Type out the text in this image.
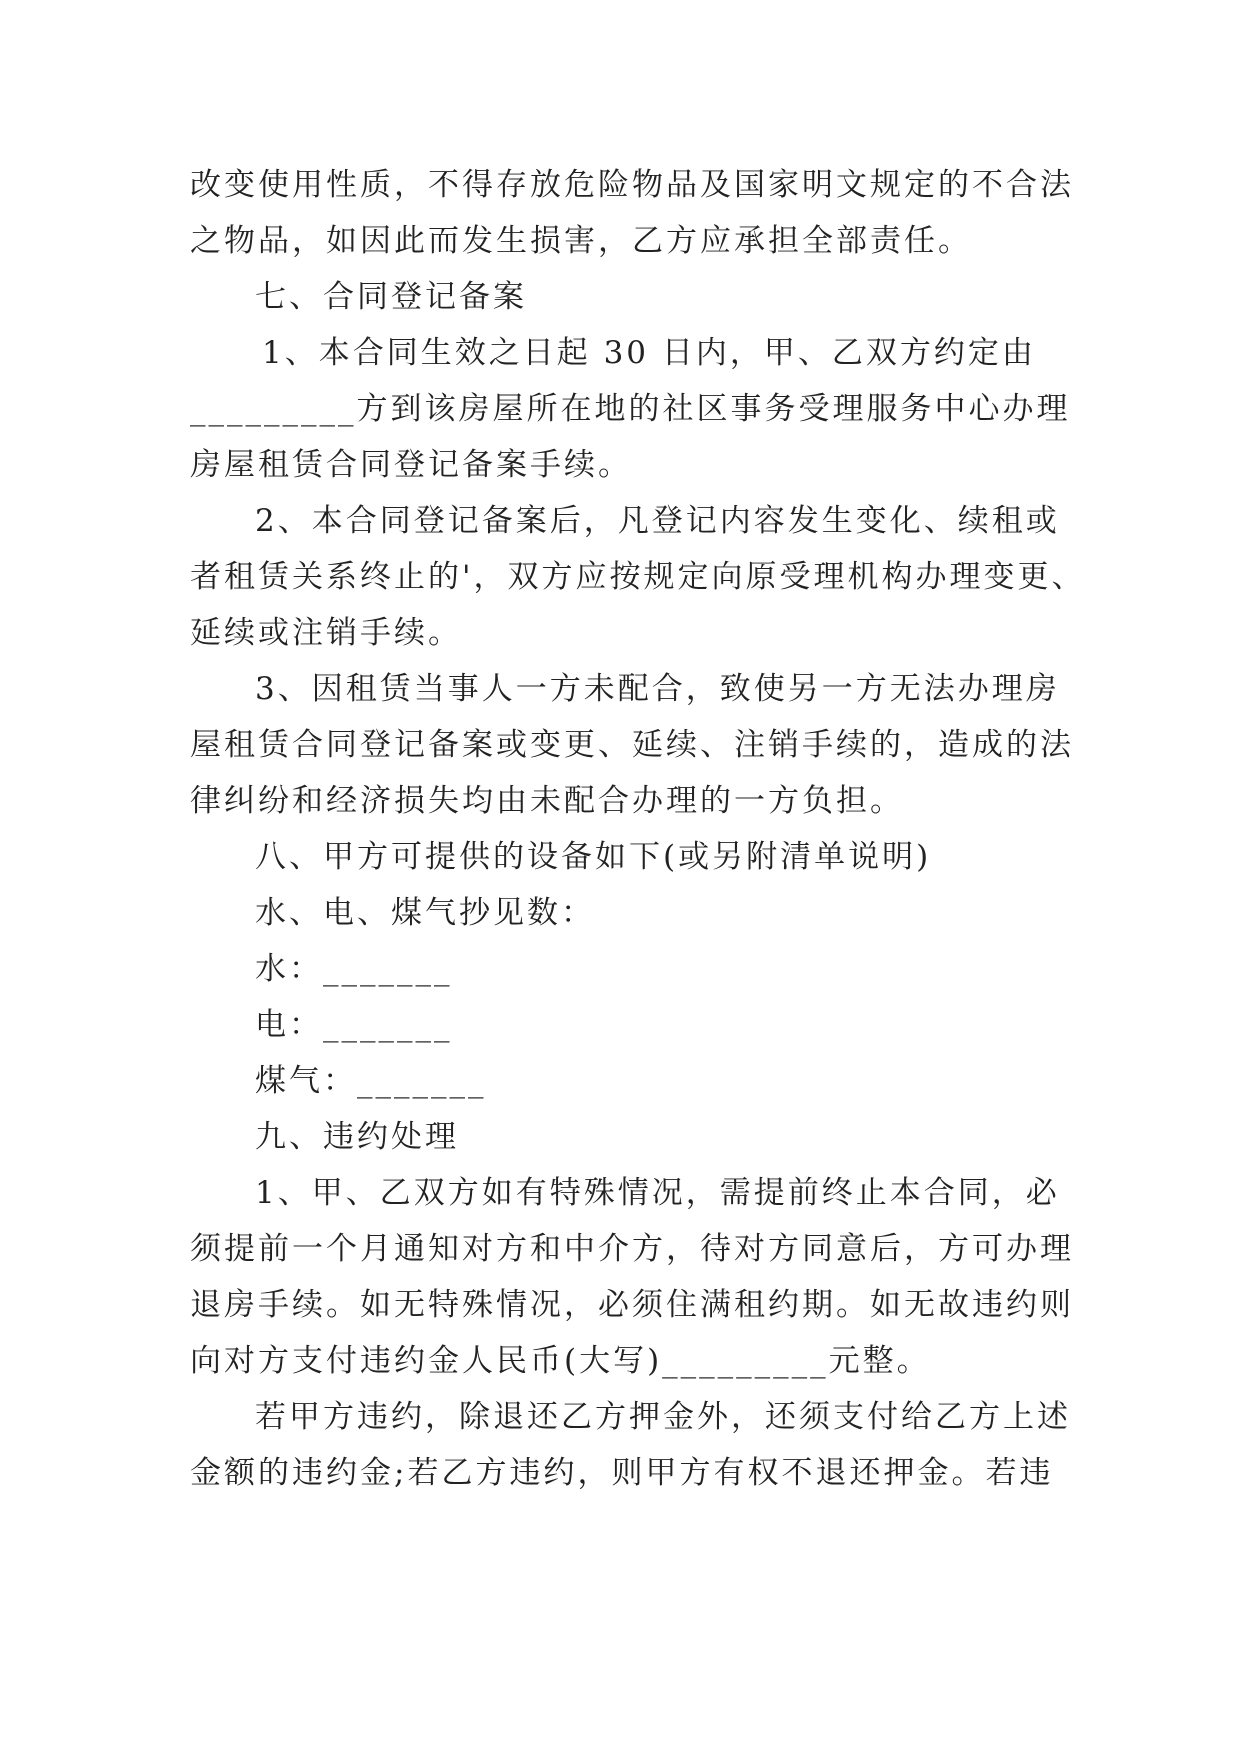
改变使用性质，不得存放危险物品及国家明文规定的不合法
之物品，如因此而发生损害，乙方应承担全部责任。
七、合同登记备案
1、本合同生效之日起 30 日内，甲、乙双方约定由
_________方到该房屋所在地的社区事务受理服务中心办理
房屋租赁合同登记备案手续。
2、本合同登记备案后，凡登记内容发生变化、续租或
者租赁关系终止的'，双方应按规定向原受理机构办理变更、
延续或注销手续。
3、因租赁当事人一方未配合，致使另一方无法办理房
屋租赁合同登记备案或变更、延续、注销手续的，造成的法
律纠纷和经济损失均由未配合办理的一方负担。
八、甲方可提供的设备如下(或另附清单说明)
水、电、煤气抄见数：
水：_______
电：_______
煤气：_______
九、违约处理
1、甲、乙双方如有特殊情况，需提前终止本合同，必
须提前一个月通知对方和中介方，待对方同意后，方可办理
退房手续。如无特殊情况，必须住满租约期。如无故违约则
向对方支付违约金人民币(大写)_________元整。
若甲方违约，除退还乙方押金外，还须支付给乙方上述
金额的违约金;若乙方违约，则甲方有权不退还押金。若违
